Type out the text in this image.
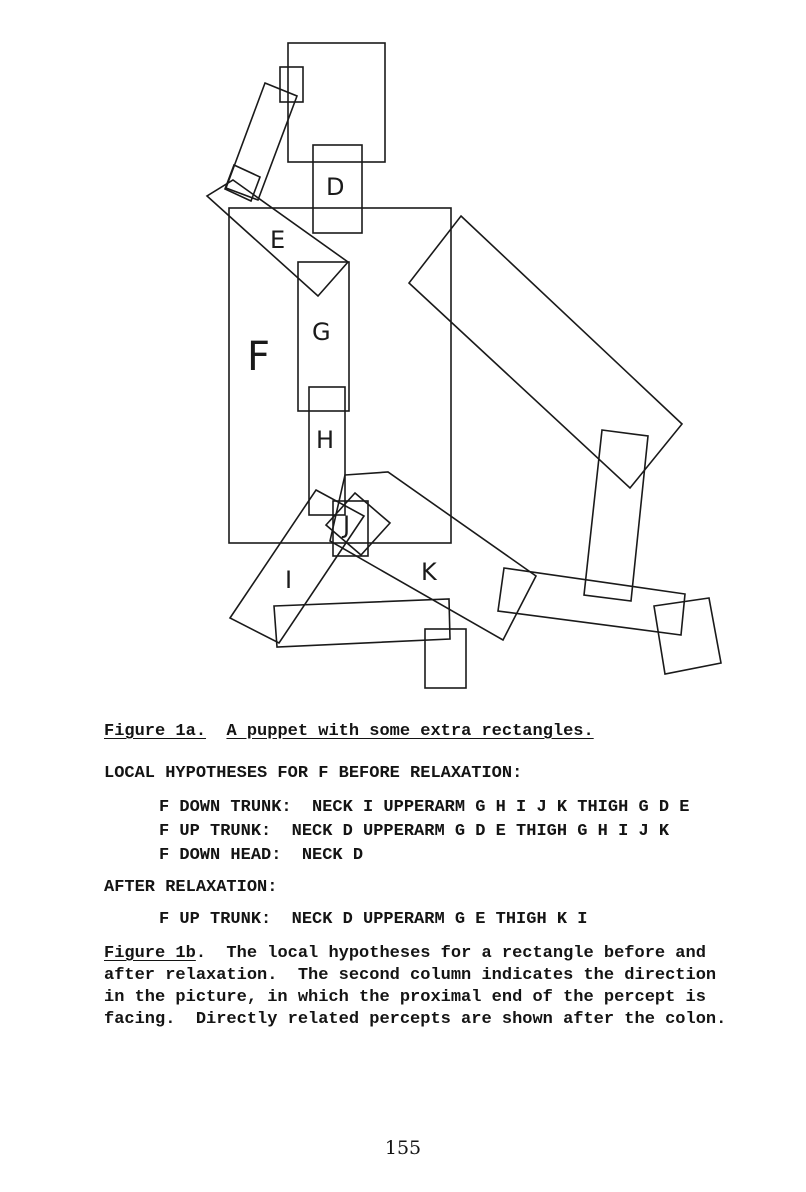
D
E
F
G
H
I
J
K
Figure 1a. A puppet with some extra rectangles.
LOCAL HYPOTHESES FOR F BEFORE RELAXATION:
F DOWN TRUNK:  NECK I UPPERARM G H I J K THIGH G D E
F UP TRUNK:  NECK D UPPERARM G D E THIGH G H I J K
F DOWN HEAD:  NECK D
AFTER RELAXATION:
F UP TRUNK:  NECK D UPPERARM G E THIGH K I
Figure 1b.  The local hypotheses for a rectangle before and
after relaxation.  The second column indicates the direction
in the picture, in which the proximal end of the percept is
facing.  Directly related percepts are shown after the colon.
155
